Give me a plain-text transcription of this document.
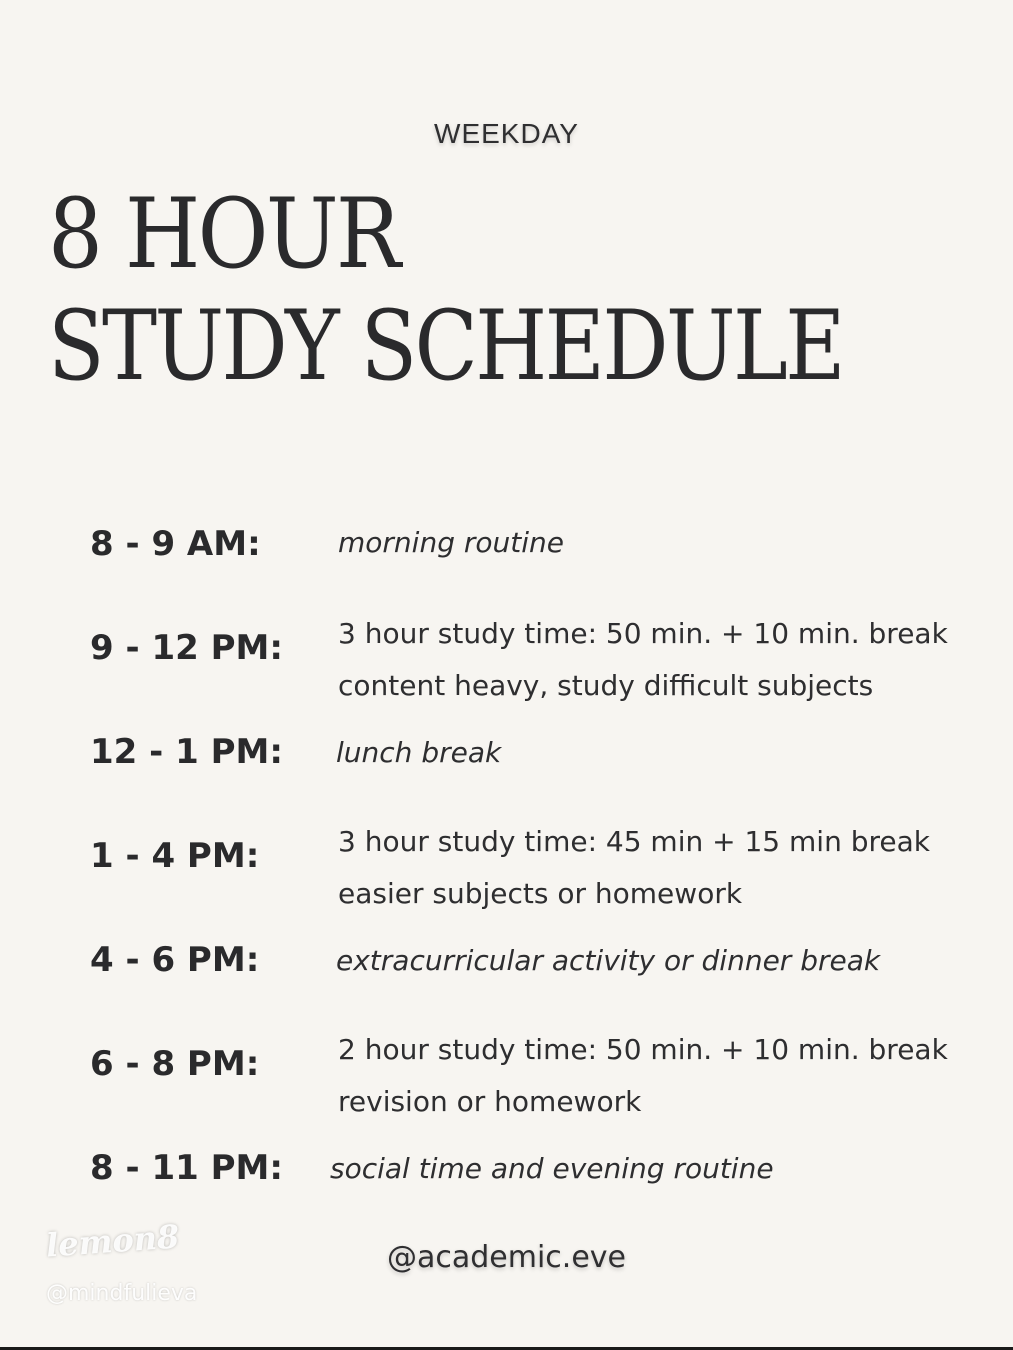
WEEKDAY
8 HOUR
STUDY SCHEDULE
8 - 9 AM:	morning routine
9 - 12 PM: 3 hour study time: 50 min. + 10 min. break
content heavy, study difficult subjects
12 - 1 PM: lunch break
1 - 4 PM:	3 hour study time: 45 min + 15 min break
easier subjects or homework
4 - 6 PM:	extracurricular activity or dinner break
6 - 8 PM:	2 hour study time: 50 min. + 10 min. break
revision or homework
8 - 11 PM: social time and evening routine
@academic.eve
lemon8
@mindfulieva
